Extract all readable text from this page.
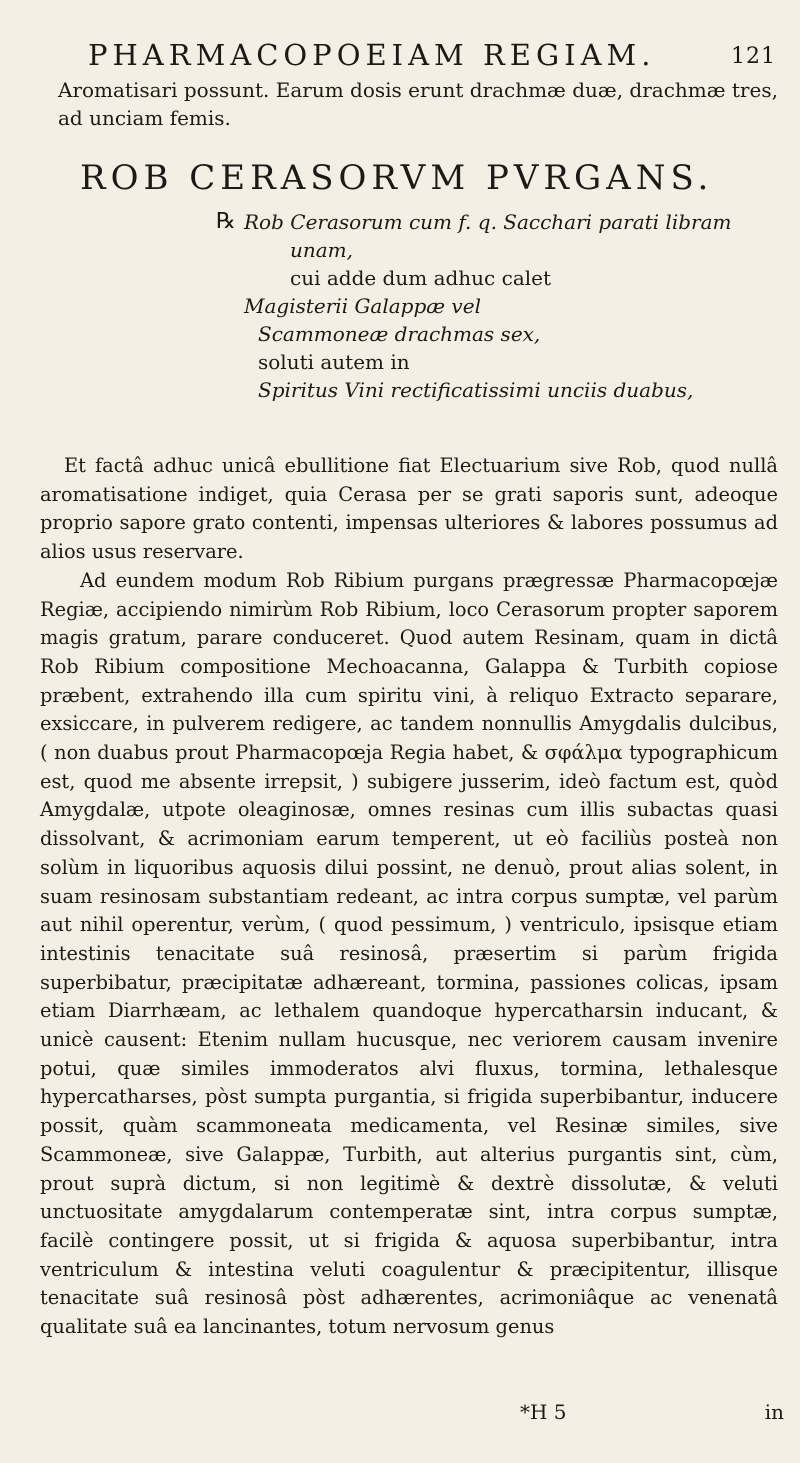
PHARMACOPOEIAM REGIAM.	121
Aromatisari possunt. Earum dosis erunt drachmæ duæ, drachmæ tres, ad unciam femis.
ROB CERASORVM PVRGANS.
℞ Rob Cerasorum cum f. q. Sacchari parati libram
unam,
cui adde dum adhuc calet
Magisterii Galappæ vel
Scammoneæ drachmas sex,
soluti autem in
Spiritus Vini rectificatissimi unciis duabus,

Et factâ adhuc unicâ ebullitione fiat Electuarium sive Rob, quod nullâ aromatisatione indiget, quia Cerasa per se grati saporis sunt, adeoque proprio sapore grato contenti, impensas ulteriores & labores possumus ad alios usus reservare.

Ad eundem modum Rob Ribium purgans prægressæ Pharmacopœjæ Regiæ, accipiendo nimirùm Rob Ribium, loco Cerasorum propter saporem magis gratum, parare conduceret. Quod autem Resinam, quam in dictâ Rob Ribium compositione Mechoacanna, Galappa & Turbith copiose præbent, extrahendo illa cum spiritu vini, à reliquo Extracto separare, exsiccare, in pulverem redigere, ac tandem nonnullis Amygdalis dulcibus, ( non duabus prout Pharmacopœja Regia habet, & σφάλμα typographicum est, quod me absente irrepsit, ) subigere jusserim, ideò factum est, quòd Amygdalæ, utpote oleaginosæ, omnes resinas cum illis subactas quasi dissolvant, & acrimoniam earum temperent, ut eò faciliùs posteà non solùm in liquoribus aquosis dilui possint, ne denuò, prout alias solent, in suam resinosam substantiam redeant, ac intra corpus sumptæ, vel parùm aut nihil operentur, verùm, ( quod pessimum, ) ventriculo, ipsisque etiam intestinis tenacitate suâ resinosâ, præsertim si parùm frigida superbibatur, præcipitatæ adhæreant, tormina, passiones colicas, ipsam etiam Diarrhæam, ac lethalem quandoque hypercatharsin inducant, & unicè causent: Etenim nullam hucusque, nec veriorem causam invenire potui, quæ similes immoderatos alvi fluxus, tormina, lethalesque hypercatharses, pòst sumpta purgantia, si frigida superbibantur, inducere possit, quàm scammoneata medicamenta, vel Resinæ similes, sive Scammoneæ, sive Galappæ, Turbith, aut alterius purgantis sint, cùm, prout suprà dictum, si non legitimè & dextrè dissolutæ, & veluti unctuositate amygdalarum contemperatæ sint, intra corpus sumptæ, facilè contingere possit, ut si frigida & aquosa superbibantur, intra ventriculum & intestina veluti coagulentur & præcipitentur, illisque tenacitate suâ resinosâ pòst adhærentes, acrimoniâque ac venenatâ qualitate suâ ea lancinantes, totum nervosum genus

*H 5	in
